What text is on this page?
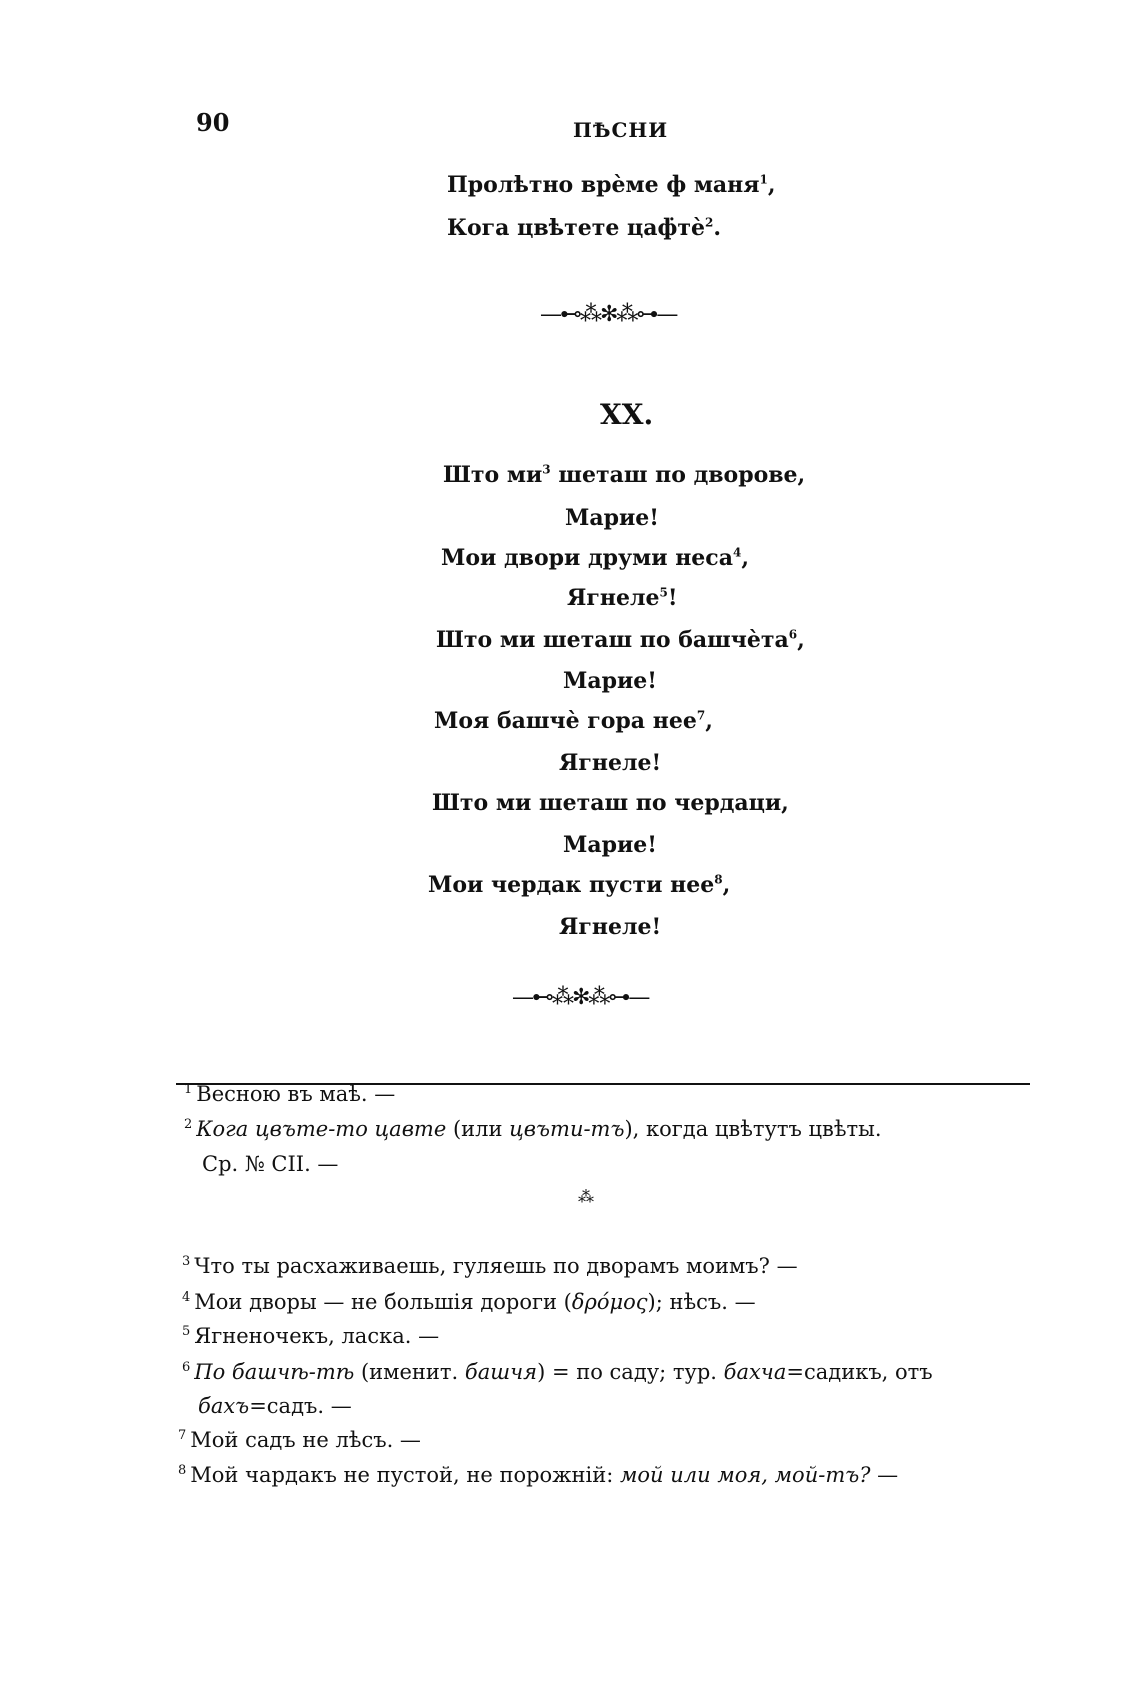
90	ПѢСНИ
Пролѣтно врѐме ф маня$^1$,
Кога цвѣтете $цаф̇тѐ^2$.
—⊷⁂✻⁂⊶—
XX.
Што $ми^3$ шеташ по дворове,
Марие!
Мои двори друми неса$^4$,
Ягнеле$^5$!
Што ми шеташ по башчѐта$^6$,
Марие!
Моя башчѐ гора нее$^7$,
Ягнеле!
Што ми шеташ по чердаци,
Марие!
Мои чердак пусти нее$^8$,
Ягнеле!
—⊷⁂✻⁂⊶—
$^1$ Весною въ маѣ. —
$^2$ Кога цвъте-то цавте (или цвъти-тъ), когда цвѣтутъ цвѣты.
Ср. № CII. —
⁂
$^3$ Что ты расхаживаешь, гуляешь по дворамъ моимъ? —
$^4$ Мои дворы — не большія дороги (δρόμος); нѣсъ. —
$^5$ Ягненочекъ, ласка. —
$^6$ По башчѣ-тѣ (именит. башчя) = по саду; тур. бахча=садикъ, отъ
бахъ=садъ. —
$^7$ Мой садъ не лѣсъ. —
$^8$ Мой чардакъ не пустой, не порожній: мой или моя, мой-тъ? —
